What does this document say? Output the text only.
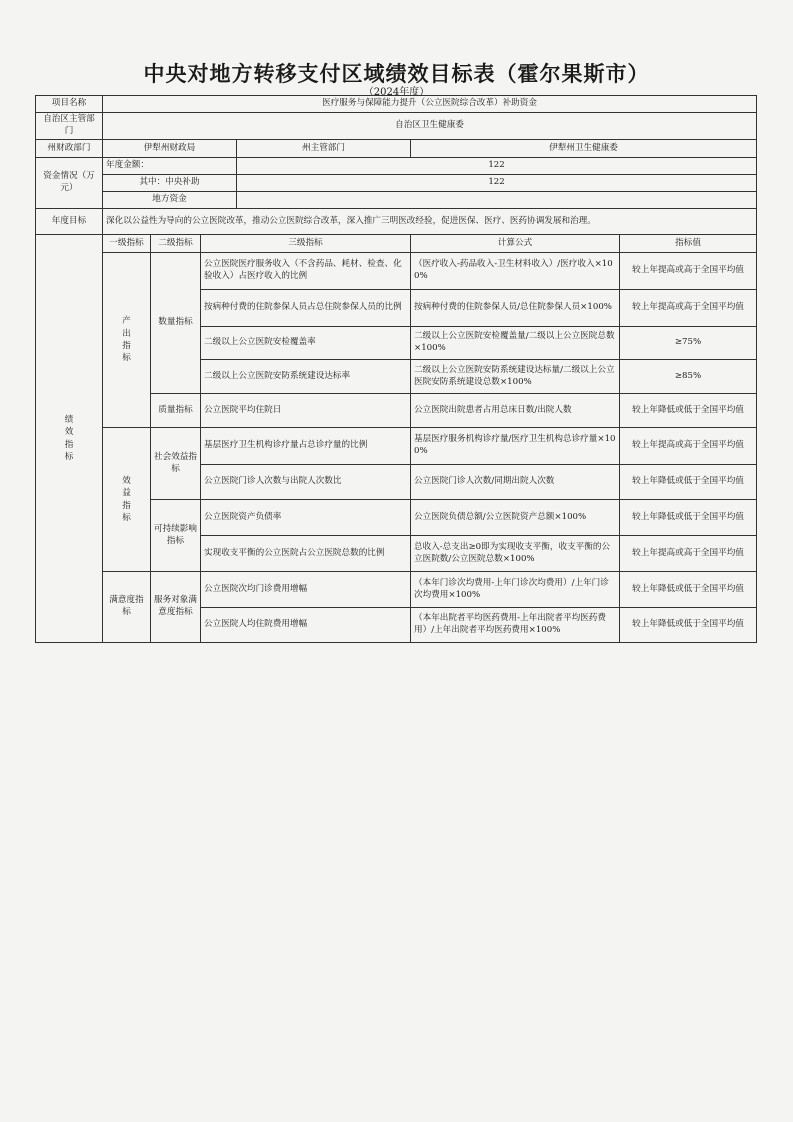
中央对地方转移支付区域绩效目标表（霍尔果斯市）
（2024年度）
项目名称	医疗服务与保障能力提升（公立医院综合改革）补助资金					
自治区主管部门	自治区卫生健康委					
州财政部门	伊犁州财政局			州主管部门	伊犁州卫生健康委	
资金情况（万元）	年度金额：			122		
	其中：中央补助			122		
	地方资金					
年度目标	深化以公益性为导向的公立医院改革，推动公立医院综合改革，深入推广三明医改经验，促进医保、医疗、医药协调发展和治理。					

绩效指标	一级指标	二级指标	三级指标		计算公式	指标值

	产出指标	数量指标	公立医院医疗服务收入（不含药品、耗材、检查、化验收入）占医疗收入的比例		（医疗收入-药品收入-卫生材料收入）/医疗收入×100%	较上年提高或高于全国平均值
			按病种付费的住院参保人员占总住院参保人员的比例		按病种付费的住院参保人员/总住院参保人员×100%	较上年提高或高于全国平均值
			二级以上公立医院安检覆盖率		二级以上公立医院安检覆盖量/二级以上公立医院总数×100%	≥75%
			二级以上公立医院安防系统建设达标率		二级以上公立医院安防系统建设达标量/二级以上公立医院安防系统建设总数×100%	≥85%
		质量指标	公立医院平均住院日		公立医院出院患者占用总床日数/出院人数	较上年降低或低于全国平均值

	效益指标	社会效益指标	基层医疗卫生机构诊疗量占总诊疗量的比例		基层医疗服务机构诊疗量/医疗卫生机构总诊疗量×100%	较上年提高或高于全国平均值
			公立医院门诊人次数与出院人次数比		公立医院门诊人次数/同期出院人次数	较上年降低或低于全国平均值
		可持续影响指标	公立医院资产负债率		公立医院负债总额/公立医院资产总额×100%	较上年降低或低于全国平均值
			实现收支平衡的公立医院占公立医院总数的比例		总收入-总支出≥0即为实现收支平衡，收支平衡的公立医院数/公立医院总数×100%	较上年提高或高于全国平均值
	满意度指标	服务对象满意度指标	公立医院次均门诊费用增幅		（本年门诊次均费用-上年门诊次均费用）/上年门诊次均费用×100%	较上年降低或低于全国平均值
			公立医院人均住院费用增幅		（本年出院者平均医药费用-上年出院者平均医药费用）/上年出院者平均医药费用×100%	较上年降低或低于全国平均值
